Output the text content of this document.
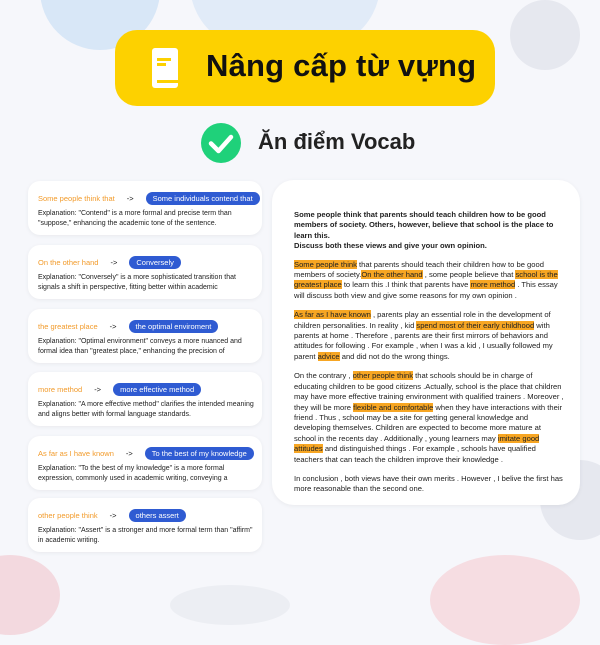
Nâng cấp từ vựng
Ăn điểm Vocab
Some people think that ->	Some individuals contend that
Explanation: "Contend" is a more formal and precise term than "suppose," enhancing the academic tone of the sentence.
On the other hand ->	Conversely
Explanation: "Conversely" is a more sophisticated transition that signals a shift in perspective, fitting better within academic
the greatest place ->	the optimal enviroment
Explanation: "Optimal environment" conveys a more nuanced and formal idea than "greatest place," enhancing the precision of
more method ->	more effective method
Explanation: "A more effective method" clarifies the intended meaning and aligns better with formal language standards.
As far as I have known ->	To the best of my knowledge
Explanation: "To the best of my knowledge" is a more formal expression, commonly used in academic writing, conveying a
other people think ->	others assert
Explanation: "Assert" is a stronger and more formal term than "affirm" in academic writing.

Some people think that parents should teach children how to be good members of society. Others, however, believe that school is the place to learn this.
Discuss both these views and give your own opinion.

Some people think that parents should teach their children how to be good members of society.On the other hand , some people believe that school is the greatest place to learn this .I think that parents have more method . This essay will discuss both view and give some reasons for my own opinion .

As far as I have known , parents play an essential role in the development of children personalities. In reality , kid spend most of their early childhood with parents at home . Therefore , parents are their first mirrors of behaviors and attitudes for following . For example , when I was a kid , I usually followed my parent advice and did not do the wrong things.

On the contrary , other people think that schools should be in charge of educating children to be good citizens .Actually, school is the place that children may have more effective training environment with qualified trainers . Moreover , they will be more flexible and comfortable when they have interactions with their friend . Thus , school may be a site for getting general knowledge and developing themselves. Children are expected to become more mature at school in the recents day . Additionally , young learners may imitate good attitudes and distinguished things . For example , schools have qualified teachers that can teach the children improve their knowledge .

In conclusion , both views have their own merits . However , I belive the first has more reasonable than the second one.
